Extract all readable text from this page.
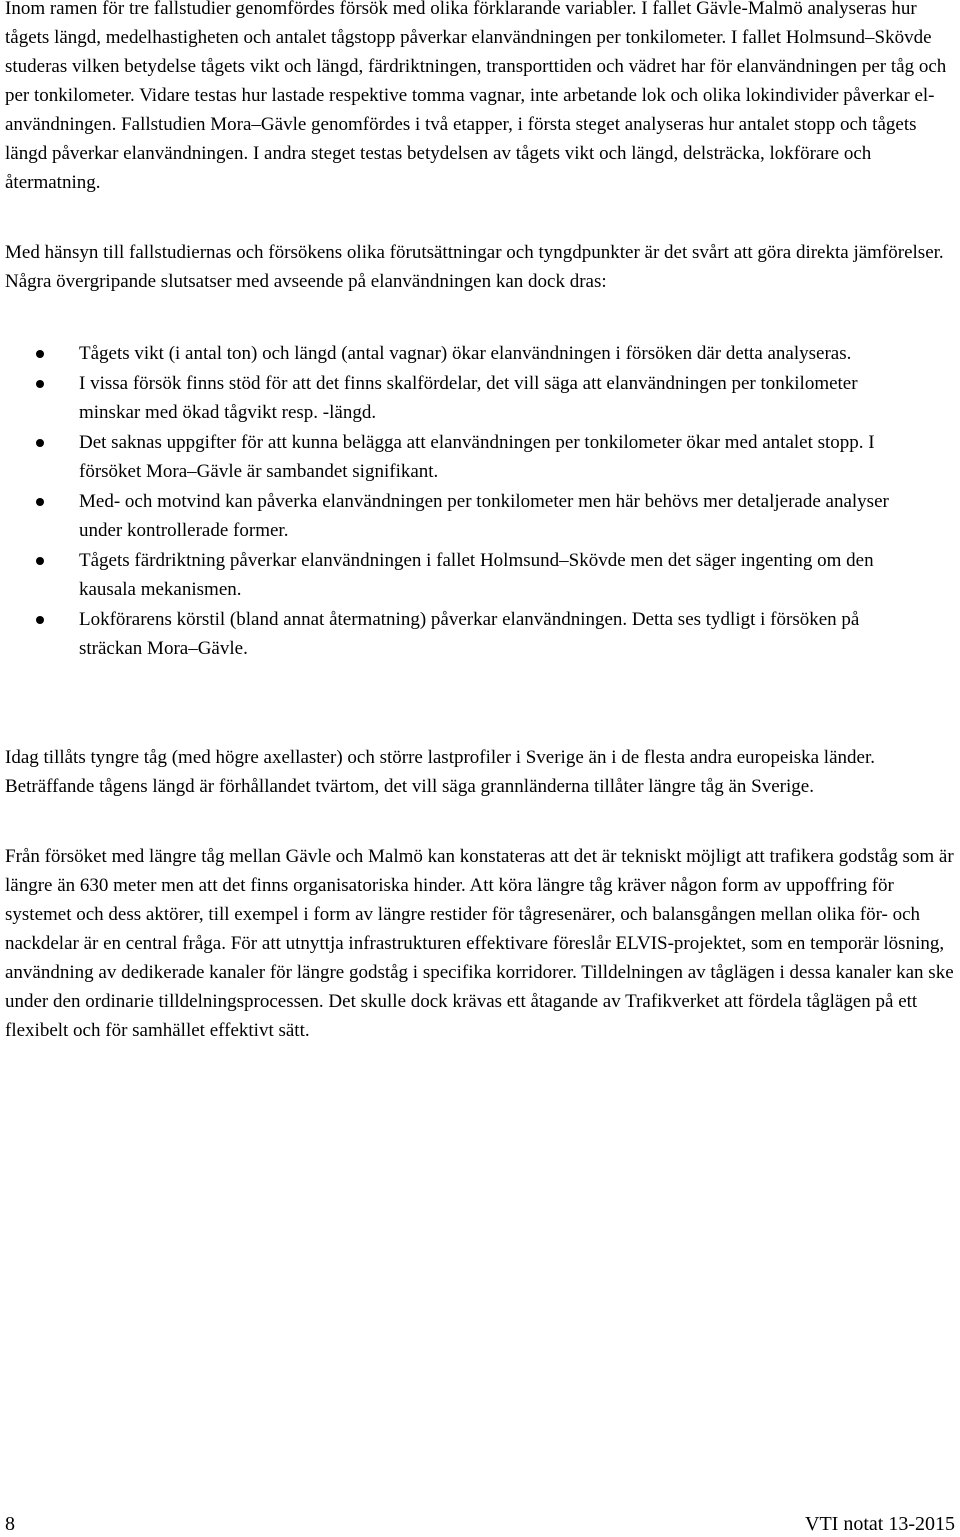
Inom ramen för tre fallstudier genomfördes försök med olika förklarande variabler. I fallet Gävle-Malmö analyseras hur tågets längd, medelhastigheten och antalet tågstopp påverkar elanvändningen per tonkilometer. I fallet Holmsund–Skövde studeras vilken betydelse tågets vikt och längd, färdriktningen, transporttiden och vädret har för elanvändningen per tåg och per tonkilometer. Vidare testas hur lastade respektive tomma vagnar, inte arbetande lok och olika lokindivider påverkar el-användningen. Fallstudien Mora–Gävle genomfördes i två etapper, i första steget analyseras hur antalet stopp och tågets längd påverkar elanvändningen. I andra steget testas betydelsen av tågets vikt och längd, delsträcka, lokförare och återmatning.

Med hänsyn till fallstudiernas och försökens olika förutsättningar och tyngdpunkter är det svårt att göra direkta jämförelser. Några övergripande slutsatser med avseende på elanvändningen kan dock dras:

Tågets vikt (i antal ton) och längd (antal vagnar) ökar elanvändningen i försöken där detta analyseras.
I vissa försök finns stöd för att det finns skalfördelar, det vill säga att elanvändningen per tonkilometer minskar med ökad tågvikt resp. -längd.
Det saknas uppgifter för att kunna belägga att elanvändningen per tonkilometer ökar med antalet stopp. I försöket Mora–Gävle är sambandet signifikant.
Med- och motvind kan påverka elanvändningen per tonkilometer men här behövs mer detaljerade analyser under kontrollerade former.
Tågets färdriktning påverkar elanvändningen i fallet Holmsund–Skövde men det säger ingenting om den kausala mekanismen.
Lokförarens körstil (bland annat återmatning) påverkar elanvändningen. Detta ses tydligt i försöken på sträckan Mora–Gävle.

Idag tillåts tyngre tåg (med högre axellaster) och större lastprofiler i Sverige än i de flesta andra europeiska länder. Beträffande tågens längd är förhållandet tvärtom, det vill säga grannländerna tillåter längre tåg än Sverige.

Från försöket med längre tåg mellan Gävle och Malmö kan konstateras att det är tekniskt möjligt att trafikera godståg som är längre än 630 meter men att det finns organisatoriska hinder. Att köra längre tåg kräver någon form av uppoffring för systemet och dess aktörer, till exempel i form av längre restider för tågresenärer, och balansgången mellan olika för- och nackdelar är en central fråga. För att utnyttja infrastrukturen effektivare föreslår ELVIS-projektet, som en temporär lösning, användning av dedikerade kanaler för längre godståg i specifika korridorer. Tilldelningen av tåglägen i dessa kanaler kan ske under den ordinarie tilldelningsprocessen. Det skulle dock krävas ett åtagande av Trafikverket att fördela tåglägen på ett flexibelt och för samhället effektivt sätt.

8	VTI notat 13-2015
